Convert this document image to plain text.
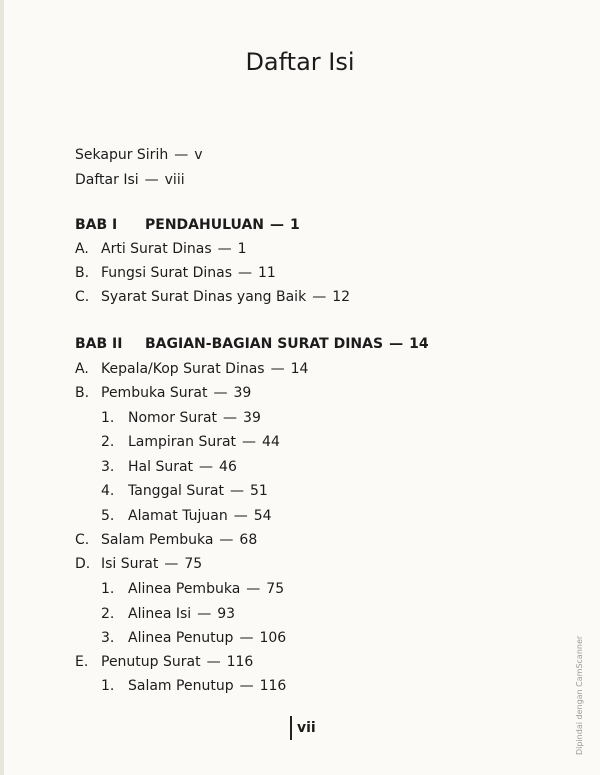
Daftar Isi
Sekapur Sirih — v
Daftar Isi — viii
BAB I PENDAHULUAN — 1
A. Arti Surat Dinas — 1
B. Fungsi Surat Dinas — 11
C. Syarat Surat Dinas yang Baik — 12
BAB II BAGIAN-BAGIAN SURAT DINAS — 14
A. Kepala/Kop Surat Dinas — 14
B. Pembuka Surat — 39
1. Nomor Surat — 39
2. Lampiran Surat — 44
3. Hal Surat — 46
4. Tanggal Surat — 51
5. Alamat Tujuan — 54
C. Salam Pembuka — 68
D. Isi Surat — 75
1. Alinea Pembuka — 75
2. Alinea Isi — 93
3. Alinea Penutup — 106
E. Penutup Surat — 116
1. Salam Penutup — 116
vii	Dipindai dengan CamScanner
